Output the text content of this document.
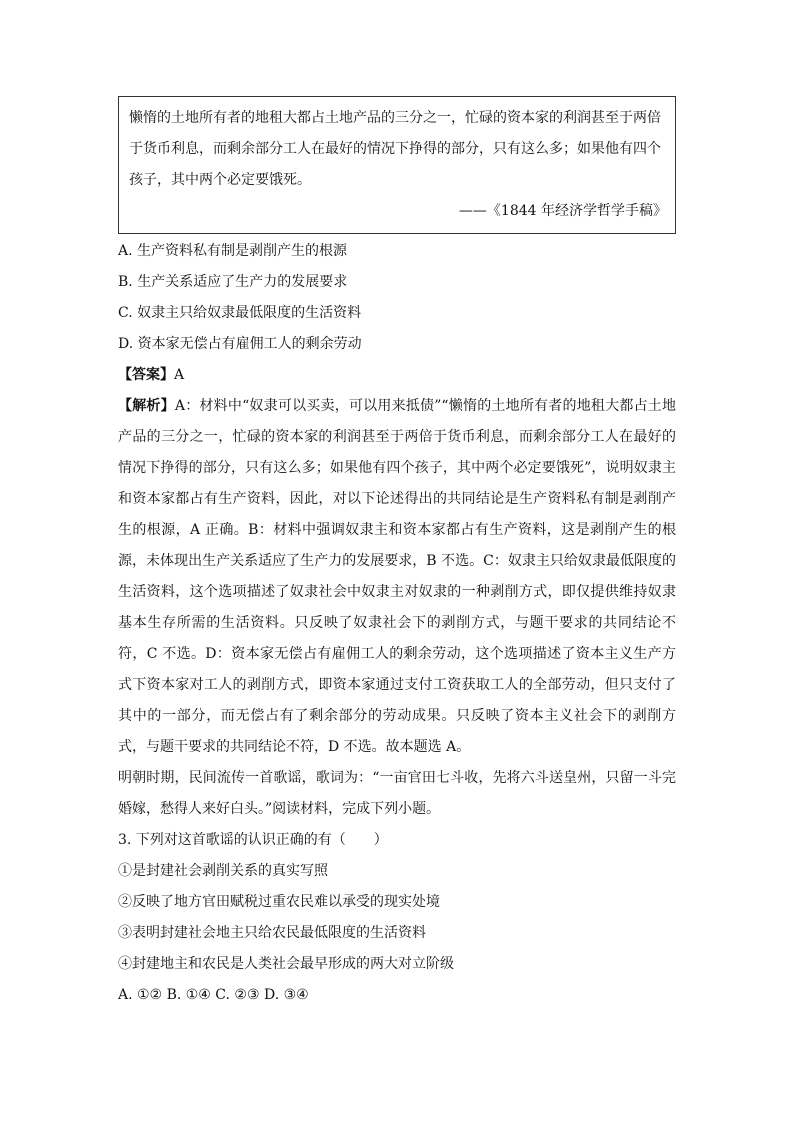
懒惰的土地所有者的地租大都占土地产品的三分之一，忙碌的资本家的利润甚至于两倍于货币利息，而剩余部分工人在最好的情况下挣得的部分，只有这么多；如果他有四个孩子，其中两个必定要饿死。

——《1844 年经济学哲学手稿》

A. 生产资料私有制是剥削产生的根源

B. 生产关系适应了生产力的发展要求

C. 奴隶主只给奴隶最低限度的生活资料

D. 资本家无偿占有雇佣工人的剩余劳动

【答案】A

【解析】A：材料中“奴隶可以买卖，可以用来抵债”“懒惰的土地所有者的地租大都占土地产品的三分之一，忙碌的资本家的利润甚至于两倍于货币利息，而剩余部分工人在最好的情况下挣得的部分，只有这么多；如果他有四个孩子，其中两个必定要饿死”，说明奴隶主和资本家都占有生产资料，因此，对以下论述得出的共同结论是生产资料私有制是剥削产生的根源，A 正确。B：材料中强调奴隶主和资本家都占有生产资料，这是剥削产生的根源，未体现出生产关系适应了生产力的发展要求，B 不选。C：奴隶主只给奴隶最低限度的生活资料，这个选项描述了奴隶社会中奴隶主对奴隶的一种剥削方式，即仅提供维持奴隶基本生存所需的生活资料。只反映了奴隶社会下的剥削方式，与题干要求的共同结论不符，C 不选。D：资本家无偿占有雇佣工人的剩余劳动，这个选项描述了资本主义生产方式下资本家对工人的剥削方式，即资本家通过支付工资获取工人的全部劳动，但只支付了其中的一部分，而无偿占有了剩余部分的劳动成果。只反映了资本主义社会下的剥削方式，与题干要求的共同结论不符，D 不选。故本题选 A。

明朝时期，民间流传一首歌谣，歌词为：“一亩官田七斗收，先将六斗送皇州，只留一斗完婚嫁，愁得人来好白头。”阅读材料，完成下列小题。

3. 下列对这首歌谣的认识正确的有（　　）

①是封建社会剥削关系的真实写照

②反映了地方官田赋税过重农民难以承受的现实处境

③表明封建社会地主只给农民最低限度的生活资料

④封建地主和农民是人类社会最早形成的两大对立阶级

A. ①② B. ①④ C. ②③ D. ③④
